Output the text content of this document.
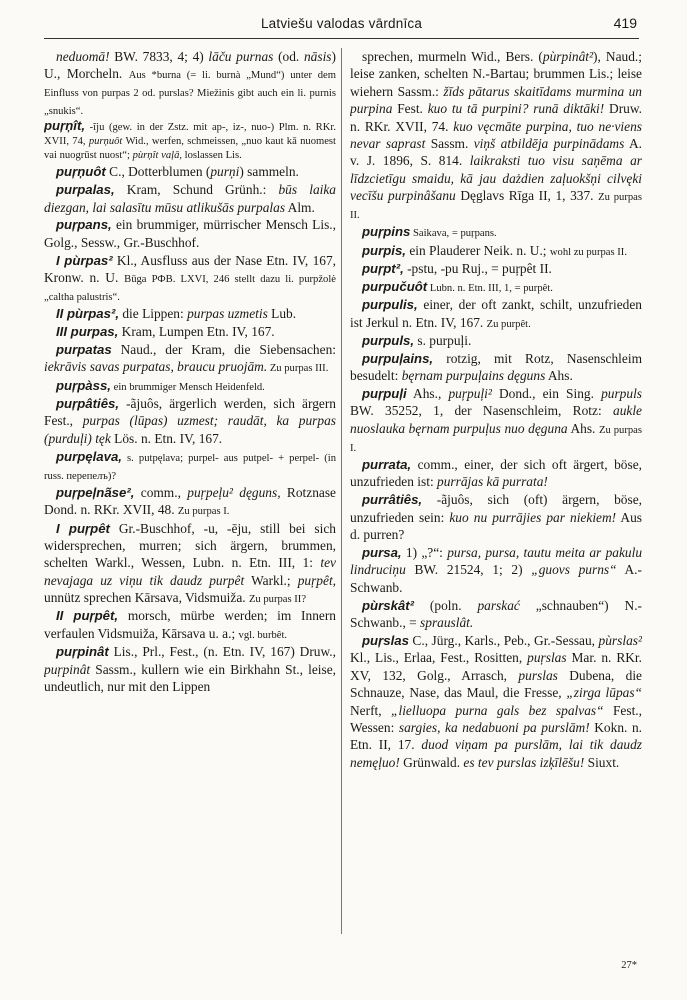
Latviešu valodas vārdnīca	419
neduomā! BW. 7833, 4; 4) lāču purnas (od. nāsis) U., Morcheln. Aus *burna (= li. burnà „Mund“) unter dem Einfluss von purpas 2 od. purslas? Miežinis gibt auch ein li. purnis „snukis“.
puŗņît, -ĩju (gew. in der Zstz. mit ap-, iz-, nuo-) Plm. n. RKr. XVII, 74, purņuôt Wid., werfen, schmeissen, „nuo kaut kā nuomest vai nuogrūst nuost“; pùrņît vaļā, loslassen Lis.
puŗņuôt C., Dotterblumen (purņi) sammeln.
purpalas, Kram, Schund Grünh.: būs laika diezgan, lai salasītu mūsu atlikušās purpalas Alm.
puŗpans, ein brummiger, mürrischer Mensch Lis., Golg., Sessw., Gr.-Buschhof.
I pùrpas² Kl., Ausfluss aus der Nase Etn. IV, 167, Kronw. n. U. Būga РФВ. LXVI, 246 stellt dazu li. purpžolė „caltha palustris“.
II pùrpas², die Lippen: purpas uzmetis Lub.
III purpas, Kram, Lumpen Etn. IV, 167.
purpatas Naud., der Kram, die Siebensachen: iekrāvis savas purpatas, braucu pruojām. Zu purpas III.
puŗpàss, ein brummiger Mensch Heidenfeld.
puŗpâtiês, -ãjuôs, ärgerlich werden, sich ärgern Fest., purpas (lūpas) uzmest; raudāt, ka purpas (purduļi) tęk Lös. n. Etn. IV, 167.
purpęlava, s. putpęlava; purpel- aus putpel- + perpel- (in russ. перепелъ)?
puŗpeļnãse², comm., puŗpeļu² dęguns, Rotznase Dond. n. RKr. XVII, 48. Zu purpas I.
I puŗpêt Gr.-Buschhof, -u, -ēju, still bei sich widersprechen, murren; sich ärgern, brummen, schelten Warkl., Wessen, Lubn. n. Etn. III, 1: tev nevajaga uz viņu tik daudz purpêt Warkl.; puŗpêt, unnütz sprechen Kārsava, Vidsmuiža. Zu purpas II?
II puŗpêt, morsch, mürbe werden; im Innern verfaulen Vidsmuiža, Kārsava u. a.; vgl. burbêt.
puŗpinât Lis., Prl., Fest., (n. Etn. IV, 167) Druw., puŗpinât Sassm., kullern wie ein Birkhahn St., leise, undeutlich, nur mit den Lippen
sprechen, murmeln Wid., Bers. (pùrpinât²), Naud.; leise zanken, schelten N.-Bartau; brummen Lis.; leise wiehern Sassm.: žīds pātarus skaitīdams murmina un purpina Fest. kuo tu tā purpini? runā diktāki! Druw. n. RKr. XVII, 74. kuo vęcmāte purpina, tuo ne·viens nevar saprast Sassm. viņš atbildēja purpinādams A. v. J. 1896, S. 814. laikraksti tuo visu saņēma ar līdzcietīgu smaidu, kā jau dażdien zaļuokšņi cilvęki vecīšu purpinâšanu Dęglavs Rīga II, 1, 337. Zu purpas II.
puŗpins Saikava, = puŗpans.
purpis, ein Plauderer Neik. n. U.; wohl zu purpas II.
puŗpt², -pstu, -pu Ruj., = puŗpêt II.
purpučuôt Lubn. n. Etn. III, 1, = purpêt.
purpulis, einer, der oft zankt, schilt, unzufrieden ist Jerkul n. Etn. IV, 167. Zu purpêt.
purpuls, s. purpuļi.
puŗpuļains, rotzig, mit Rotz, Nasenschleim besudelt: bęrnam purpuļains dęguns Ahs.
puŗpuļi Ahs., puŗpuļi² Dond., ein Sing. purpuls BW. 35252, 1, der Nasenschleim, Rotz: aukle nuoslauka bęrnam purpuļus nuo dęguna Ahs. Zu purpas I.
purrata, comm., einer, der sich oft ärgert, böse, unzufrieden ist: purrājas kā purrata!
purrâtiês, -ãjuôs, sich (oft) ärgern, böse, unzufrieden sein: kuo nu purrājies par niekiem! Aus d. purren?
pursa, 1) „?“: pursa, pursa, tautu meita ar pakulu lindruciņu BW. 21524, 1; 2) „guovs purns“ A.-Schwanb.
pùrskât² (poln. parskać „schnauben“) N.-Schwanb., = sprauslât.
puŗslas C., Jürg., Karls., Peb., Gr.-Sessau, pùrslas² Kl., Lis., Erlaa, Fest., Rositten, puŗslas Mar. n. RKr. XV, 132, Golg., Arrasch, purslas Dubena, die Schnauze, Nase, das Maul, die Fresse, „zirga lūpas“ Nerft, „lielluopa purna gals bez spalvas“ Fest., Wessen: sargies, ka nedabuoni pa purslām! Kokn. n. Etn. II, 17. duod viņam pa purslām, lai tik daudz nemęļuo! Grünwald. es tev purslas izķīlēšu! Siuxt.
27*
